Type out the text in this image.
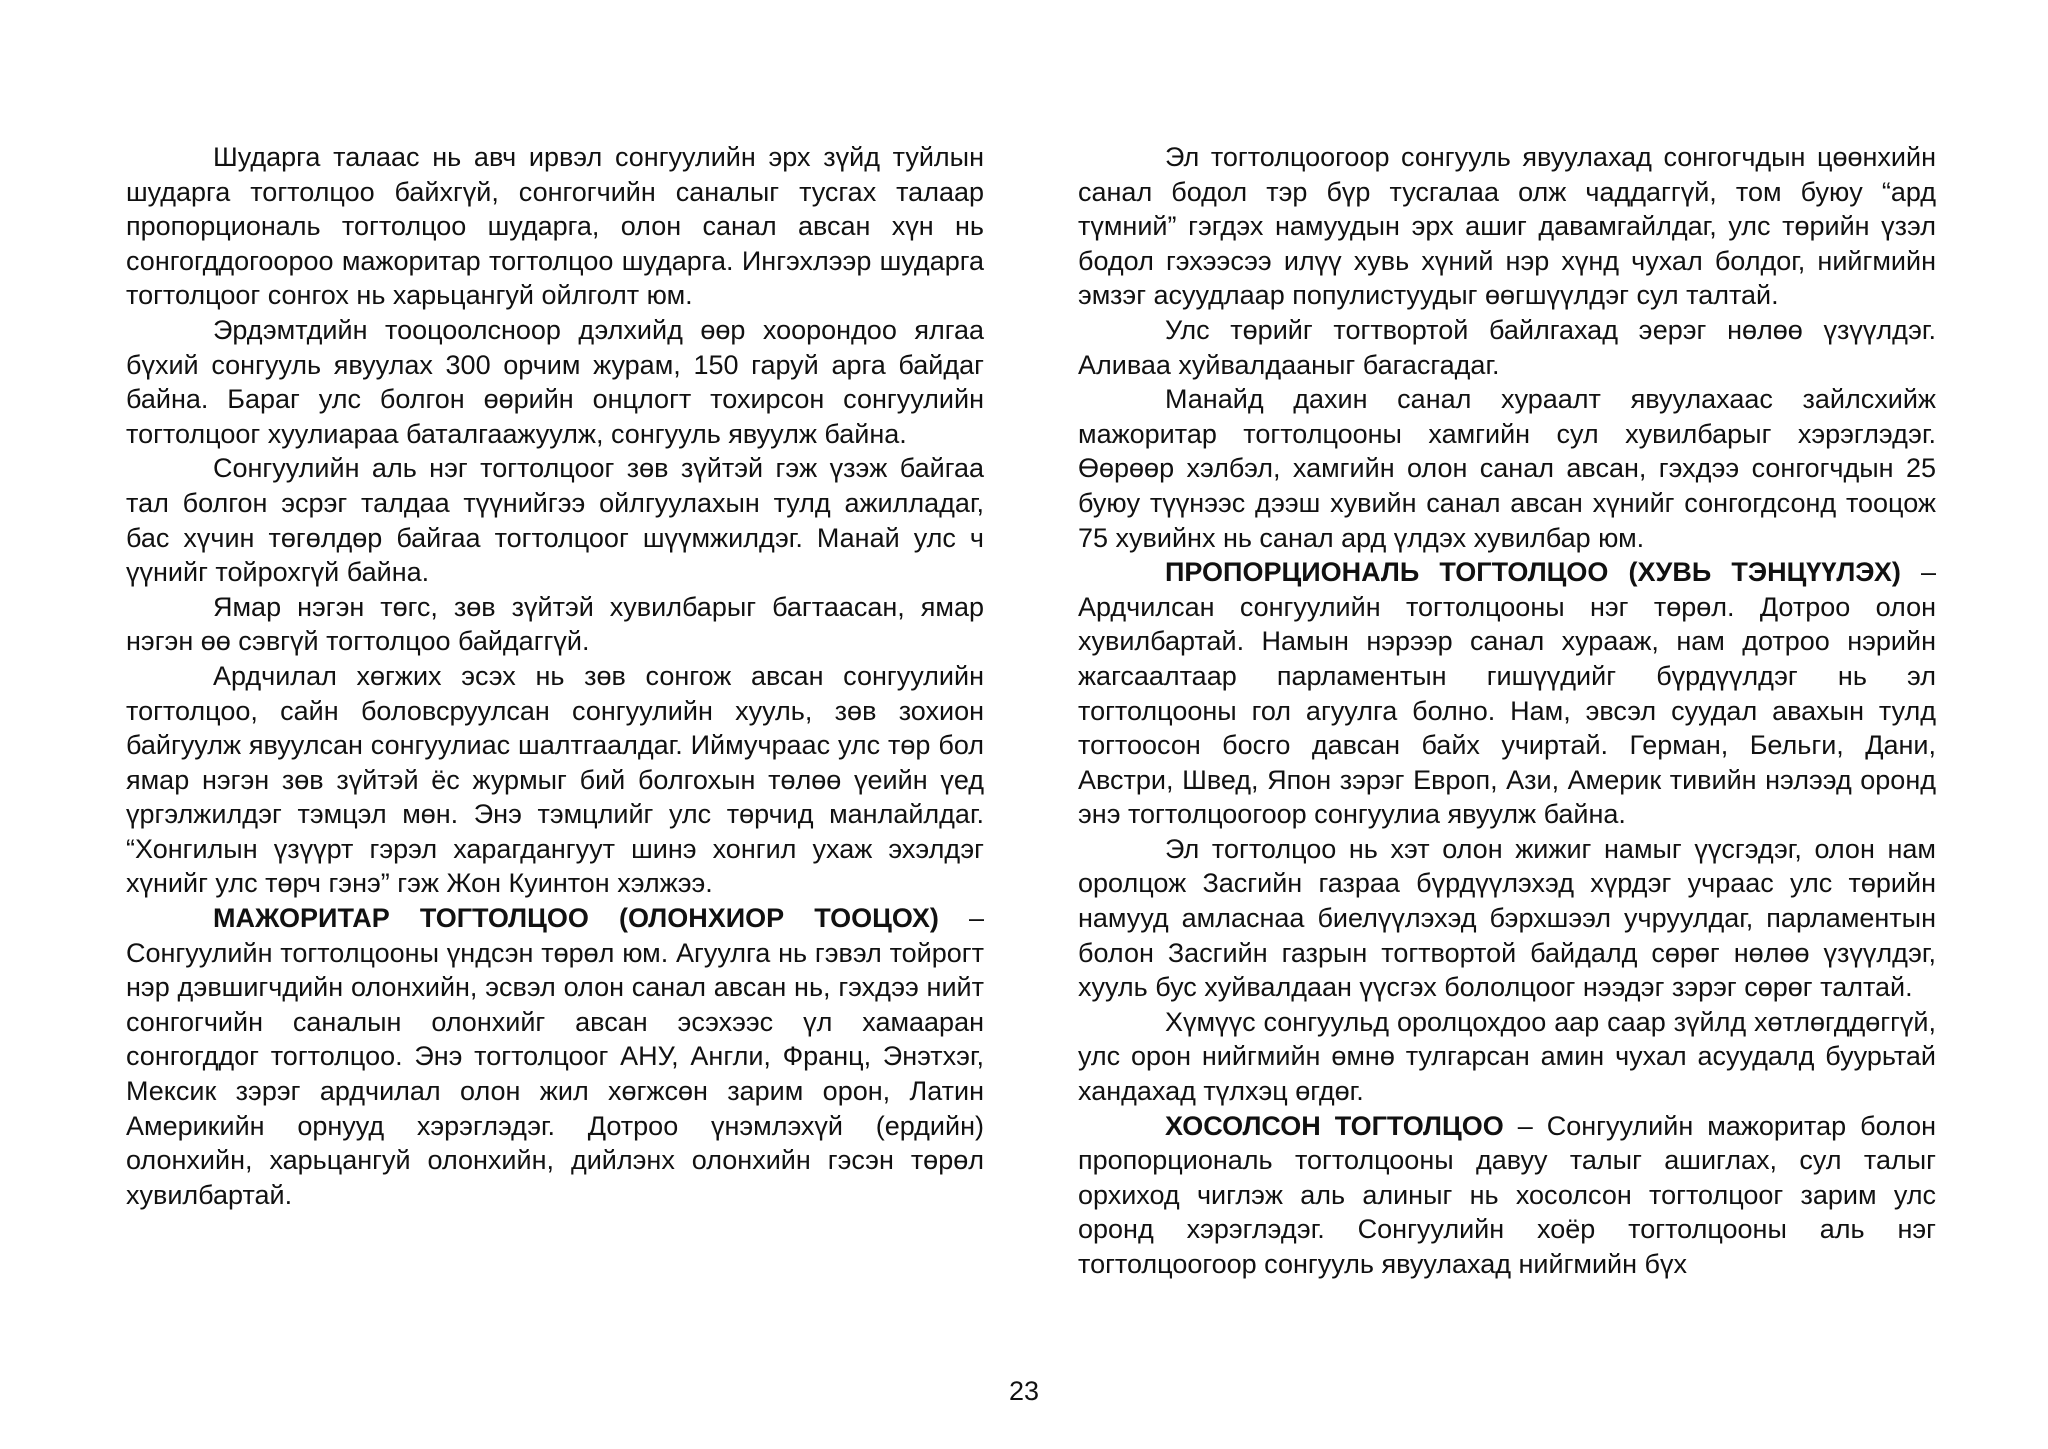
Шударга талаас нь авч ирвэл сонгуулийн эрх зүйд туйлын шударга тогтолцоо байхгүй, сонгогчийн саналыг тусгах талаар пропорциональ тогтолцоо шударга, олон санал авсан хүн нь сонгогддогоороо мажоритар тогтолцоо шударга. Ингэхлээр шударга тогтолцоог сонгох нь харьцангуй ойлголт юм.

Эрдэмтдийн тооцоолсноор дэлхийд өөр хоорондоо ялгаа бүхий сонгууль явуулах 300 орчим журам, 150 гаруй арга байдаг байна. Бараг улс болгон өөрийн онцлогт тохирсон сонгуулийн тогтолцоог хуулиараа баталгаажуулж, сонгууль явуулж байна.

Сонгуулийн аль нэг тогтолцоог зөв зүйтэй гэж үзэж байгаа тал болгон эсрэг талдаа түүнийгээ ойлгуулахын тулд ажилладаг, бас хүчин төгөлдөр байгаа тогтолцоог шүүмжилдэг. Манай улс ч үүнийг тойрохгүй байна.

Ямар нэгэн төгс, зөв зүйтэй хувилбарыг багтаасан, ямар нэгэн өө сэвгүй тогтолцоо байдаггүй.

Ардчилал хөгжих эсэх нь зөв сонгож авсан сонгуулийн тогтолцоо, сайн боловсруулсан сонгуулийн хууль, зөв зохион байгуулж явуулсан сонгуулиас шалтгаалдаг. Иймучраас улс төр бол ямар нэгэн зөв зүйтэй ёс журмыг бий болгохын төлөө үеийн үед үргэлжилдэг тэмцэл мөн. Энэ тэмцлийг улс төрчид манлайлдаг. “Хонгилын үзүүрт гэрэл харагдангуут шинэ хонгил ухаж эхэлдэг хүнийг улс төрч гэнэ” гэж Жон Куинтон хэлжээ.

МАЖОРИТАР ТОГТОЛЦОО (ОЛОНХИОР ТООЦОХ) – Сонгуулийн тогтолцооны үндсэн төрөл юм. Агуулга нь гэвэл тойрогт нэр дэвшигчдийн олонхийн, эсвэл олон санал авсан нь, гэхдээ нийт сонгогчийн саналын олонхийг авсан эсэхээс үл хамааран сонгогддог тогтолцоо. Энэ тогтолцоог АНУ, Англи, Франц, Энэтхэг, Мексик зэрэг ардчилал олон жил хөгжсөн зарим орон, Латин Америкийн орнууд хэрэглэдэг. Дотроо үнэмлэхүй (ердийн) олонхийн, харьцангуй олонхийн, дийлэнх олонхийн гэсэн төрөл хувилбартай.

Эл тогтолцоогоор сонгууль явуулахад сонгогчдын цөөнхийн санал бодол тэр бүр тусгалаа олж чаддаггүй, том буюу “ард түмний” гэгдэх намуудын эрх ашиг давамгайлдаг, улс төрийн үзэл бодол гэхээсээ илүү хувь хүний нэр хүнд чухал болдог, нийгмийн эмзэг асуудлаар популистуудыг өөгшүүлдэг сул талтай.

Улс төрийг тогтвортой байлгахад эерэг нөлөө үзүүлдэг. Аливаа хуйвалдааныг багасгадаг.

Манайд дахин санал хураалт явуулахаас зайлсхийж мажоритар тогтолцооны хамгийн сул хувилбарыг хэрэглэдэг. Өөрөөр хэлбэл, хамгийн олон санал авсан, гэхдээ сонгогчдын 25 буюу түүнээс дээш хувийн санал авсан хүнийг сонгогдсонд тооцож 75 хувийнх нь санал ард үлдэх хувилбар юм.

ПРОПОРЦИОНАЛЬ ТОГТОЛЦОО (ХУВЬ ТЭНЦҮҮЛЭХ) – Ардчилсан сонгуулийн тогтолцооны нэг төрөл. Дотроо олон хувилбартай. Намын нэрээр санал хурааж, нам дотроо нэрийн жагсаалтаар парламентын гишүүдийг бүрдүүлдэг нь эл тогтолцооны гол агуулга болно. Нам, эвсэл суудал авахын тулд тогтоосон босго давсан байх учиртай. Герман, Бельги, Дани, Австри, Швед, Япон зэрэг Европ, Ази, Америк тивийн нэлээд оронд энэ тогтолцоогоор сонгуулиа явуулж байна.

Эл тогтолцоо нь хэт олон жижиг намыг үүсгэдэг, олон нам оролцож Засгийн газраа бүрдүүлэхэд хүрдэг учраас улс төрийн намууд амласнаа биелүүлэхэд бэрхшээл учруулдаг, парламентын болон Засгийн газрын тогтвортой байдалд сөрөг нөлөө үзүүлдэг, хууль бус хуйвалдаан үүсгэх бололцоог нээдэг зэрэг сөрөг талтай.

Хүмүүс сонгуульд оролцохдоо аар саар зүйлд хөтлөгддөггүй, улс орон нийгмийн өмнө тулгарсан амин чухал асуудалд буурьтай хандахад түлхэц өгдөг.

ХОСОЛСОН ТОГТОЛЦОО – Сонгуулийн мажоритар болон пропорциональ тогтолцооны давуу талыг ашиглах, сул талыг орхиход чиглэж аль алиныг нь хосолсон тогтолцоог зарим улс оронд хэрэглэдэг. Сонгуулийн хоёр тогтолцооны аль нэг тогтолцоогоор сонгууль явуулахад нийгмийн бүх

23
